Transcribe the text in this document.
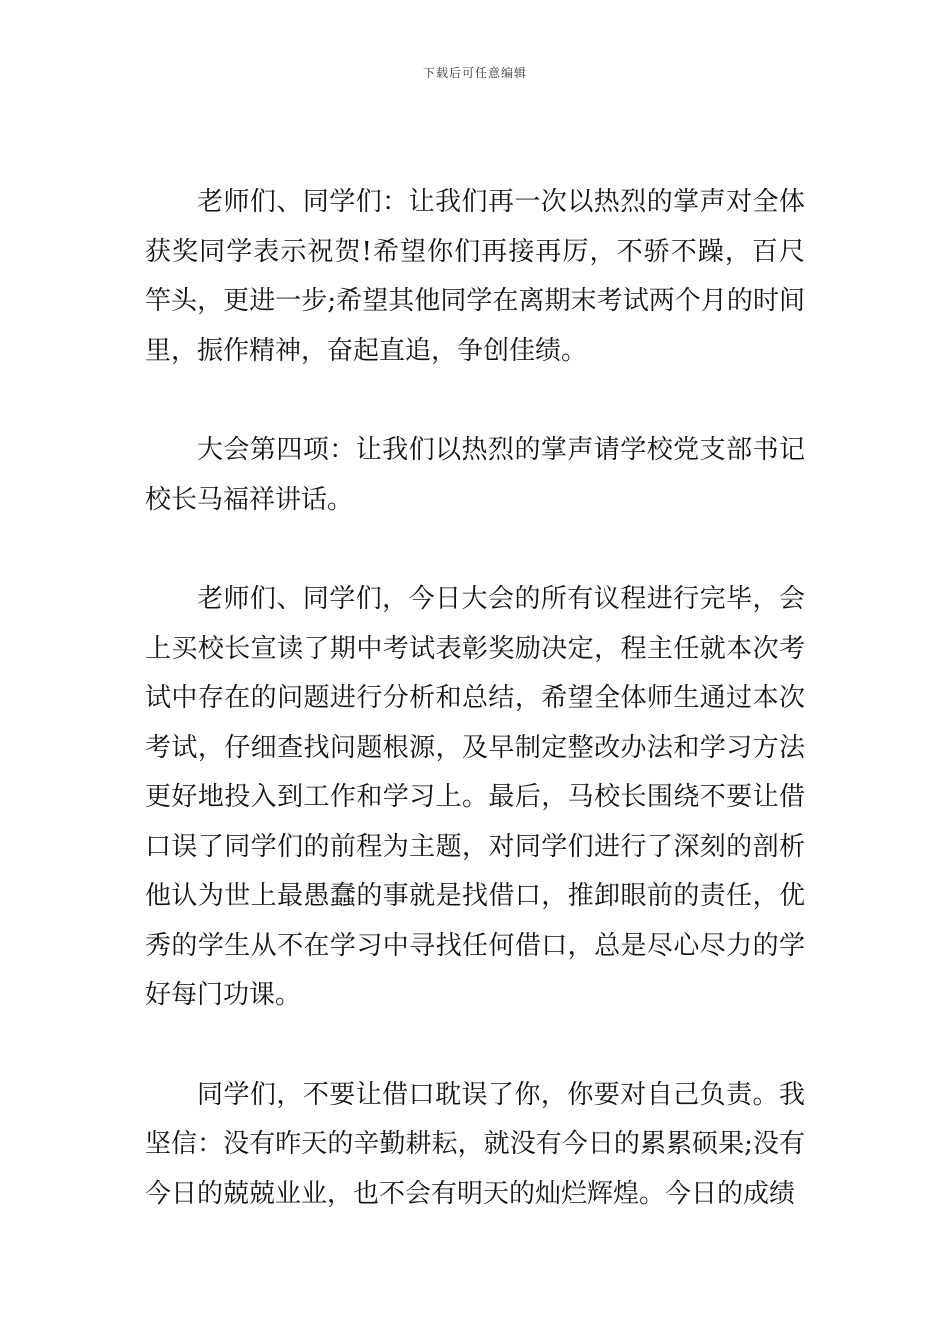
下载后可任意编辑

老师们、同学们：让我们再一次以热烈的掌声对全体获奖同学表示祝贺!希望你们再接再厉，不骄不躁，百尺竿头，更进一步;希望其他同学在离期末考试两个月的时间里，振作精神，奋起直追，争创佳绩。

大会第四项：让我们以热烈的掌声请学校党支部书记校长马福祥讲话。

老师们、同学们，今日大会的所有议程进行完毕，会上买校长宣读了期中考试表彰奖励决定，程主任就本次考试中存在的问题进行分析和总结，希望全体师生通过本次考试，仔细查找问题根源，及早制定整改办法和学习方法更好地投入到工作和学习上。最后，马校长围绕不要让借口误了同学们的前程为主题，对同学们进行了深刻的剖析他认为世上最愚蠢的事就是找借口，推卸眼前的责任，优秀的学生从不在学习中寻找任何借口，总是尽心尽力的学好每门功课。

同学们，不要让借口耽误了你，你要对自己负责。我坚信：没有昨天的辛勤耕耘，就没有今日的累累硕果;没有今日的兢兢业业，也不会有明天的灿烂辉煌。今日的成绩
